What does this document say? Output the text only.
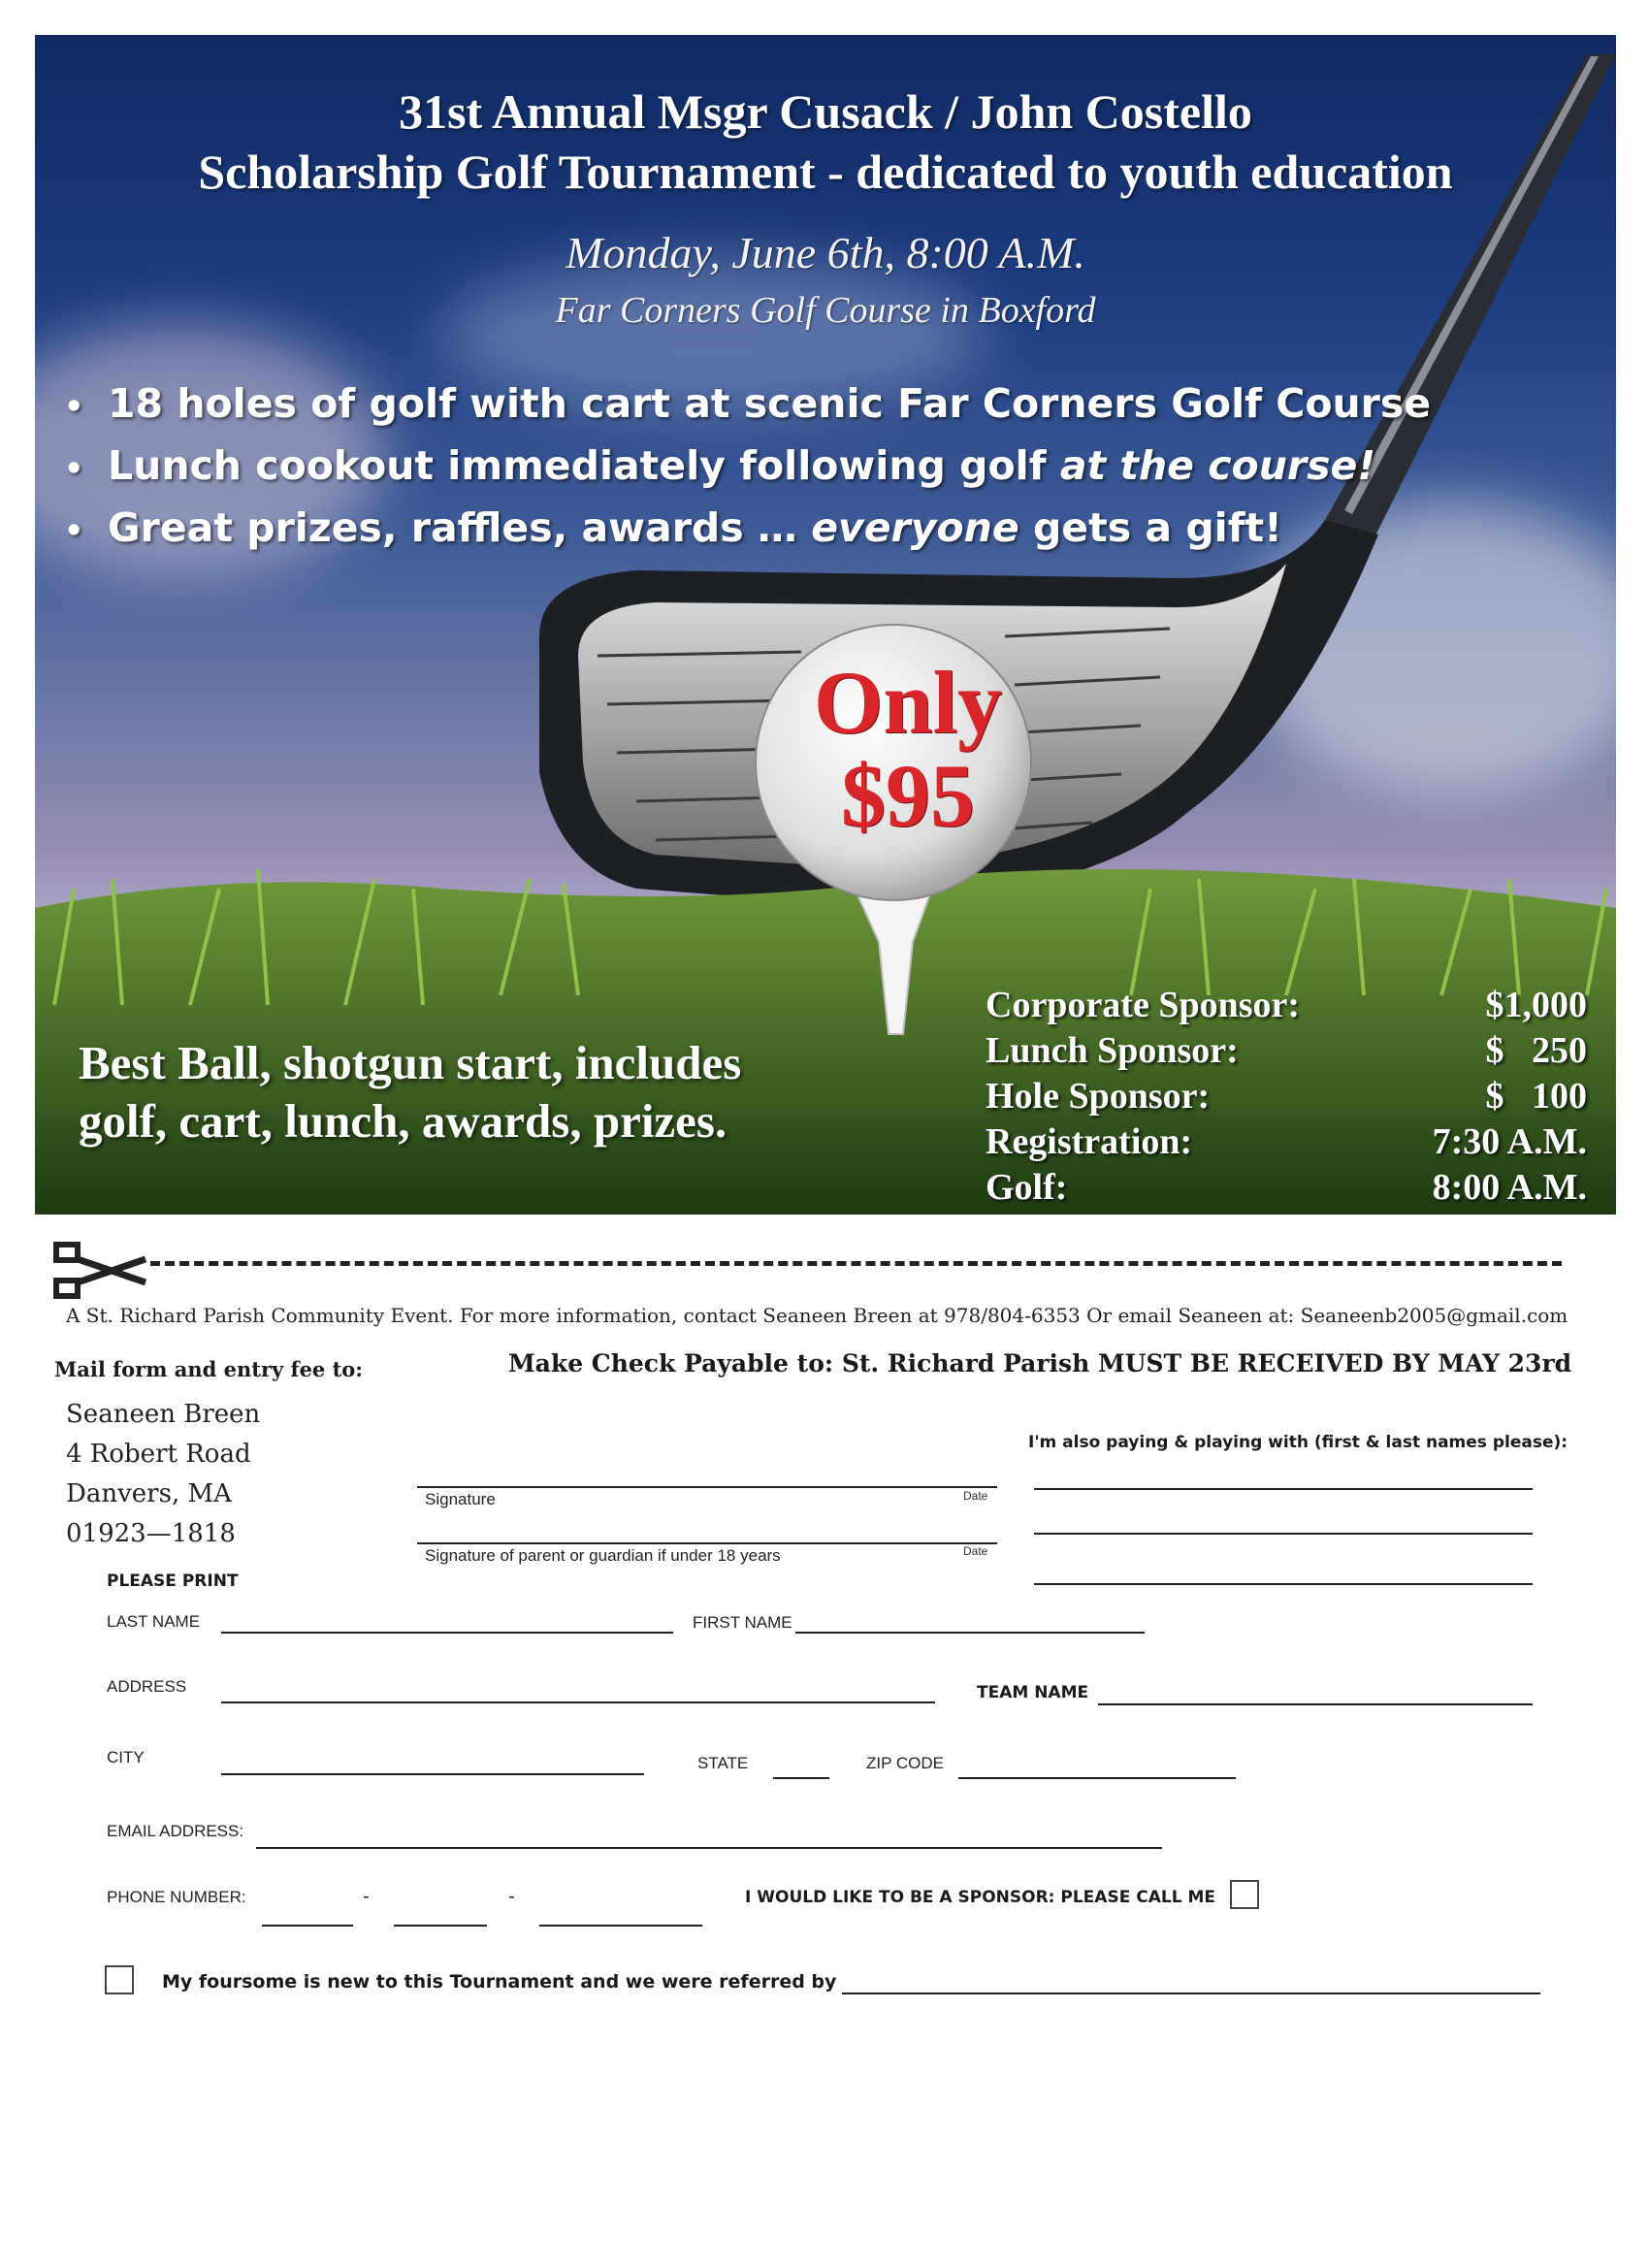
31st Annual Msgr Cusack / John Costello
Scholarship Golf Tournament - dedicated to youth education
Monday, June 6th, 8:00 A.M.
Far Corners Golf Course in Boxford
• 18 holes of golf with cart at scenic Far Corners Golf Course
• Lunch cookout immediately following golf at the course!
• Great prizes, raffles, awards … everyone gets a gift!
Only
$95
Best Ball, shotgun start, includes
golf, cart, lunch, awards, prizes.
Corporate Sponsor:	$1,000
Lunch Sponsor:	$   250
Hole Sponsor:	$   100
Registration:	7:30 A.M.
Golf:	8:00 A.M.
A St. Richard Parish Community Event. For more information, contact Seaneen Breen at 978/804-6353 Or email Seaneen at: Seaneenb2005@gmail.com
Mail form and entry fee to:	Make Check Payable to: St. Richard Parish MUST BE RECEIVED BY MAY 23rd
Seaneen Breen
4 Robert Road
Danvers, MA
01923—1818
Signature	Date
Signature of parent or guardian if under 18 years	Date
I'm also paying & playing with (first & last names please):
PLEASE PRINT
LAST NAME	FIRST NAME
ADDRESS	TEAM NAME
CITY	STATE	ZIP CODE
EMAIL ADDRESS:
PHONE NUMBER:	-	-	I WOULD LIKE TO BE A SPONSOR: PLEASE CALL ME
My foursome is new to this Tournament and we were referred by
